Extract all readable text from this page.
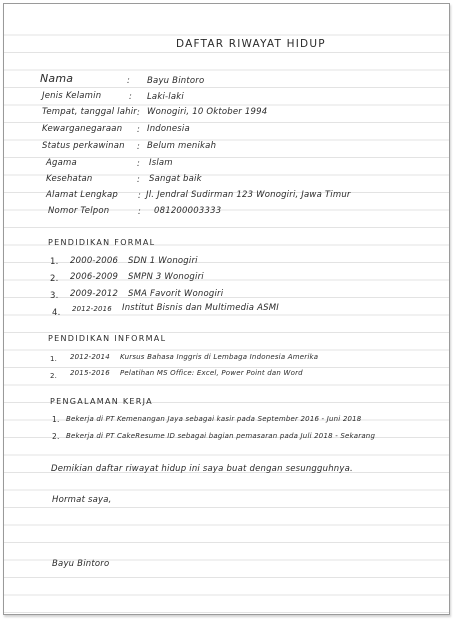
DAFTAR RIWAYAT HIDUP
Nama
Jenis Kelamin
Tempat, tanggal lahir
Kewarganegaraan
Status perkawinan
Agama
Kesehatan
Alamat Lengkap
Nomor Telpon
:
:
:
:
:
:
:
:
:
Bayu Bintoro
Laki-laki
Wonogiri, 10 Oktober 1994
Indonesia
Belum menikah
Islam
Sangat baik
Jl. Jendral Sudirman 123 Wonogiri, Jawa Timur
081200003333
PENDIDIKAN FORMAL
1. 2000-2006 SDN 1 Wonogiri
2. 2006-2009 SMPN 3 Wonogiri
3. 2009-2012 SMA Favorit Wonogiri
4. 2012-2016 Institut Bisnis dan Multimedia ASMI
PENDIDIKAN INFORMAL
1. 2012-2014 Kursus Bahasa Inggris di Lembaga Indonesia Amerika
2. 2015-2016 Pelatihan MS Office: Excel, Power Point dan Word
PENGALAMAN KERJA
1. Bekerja di PT Kemenangan Jaya sebagai kasir pada September 2016 - Juni 2018
2. Bekerja di PT CakeResume ID sebagai bagian pemasaran pada Juli 2018 - Sekarang
Demikian daftar riwayat hidup ini saya buat dengan sesungguhnya.
Hormat saya,
Bayu Bintoro
